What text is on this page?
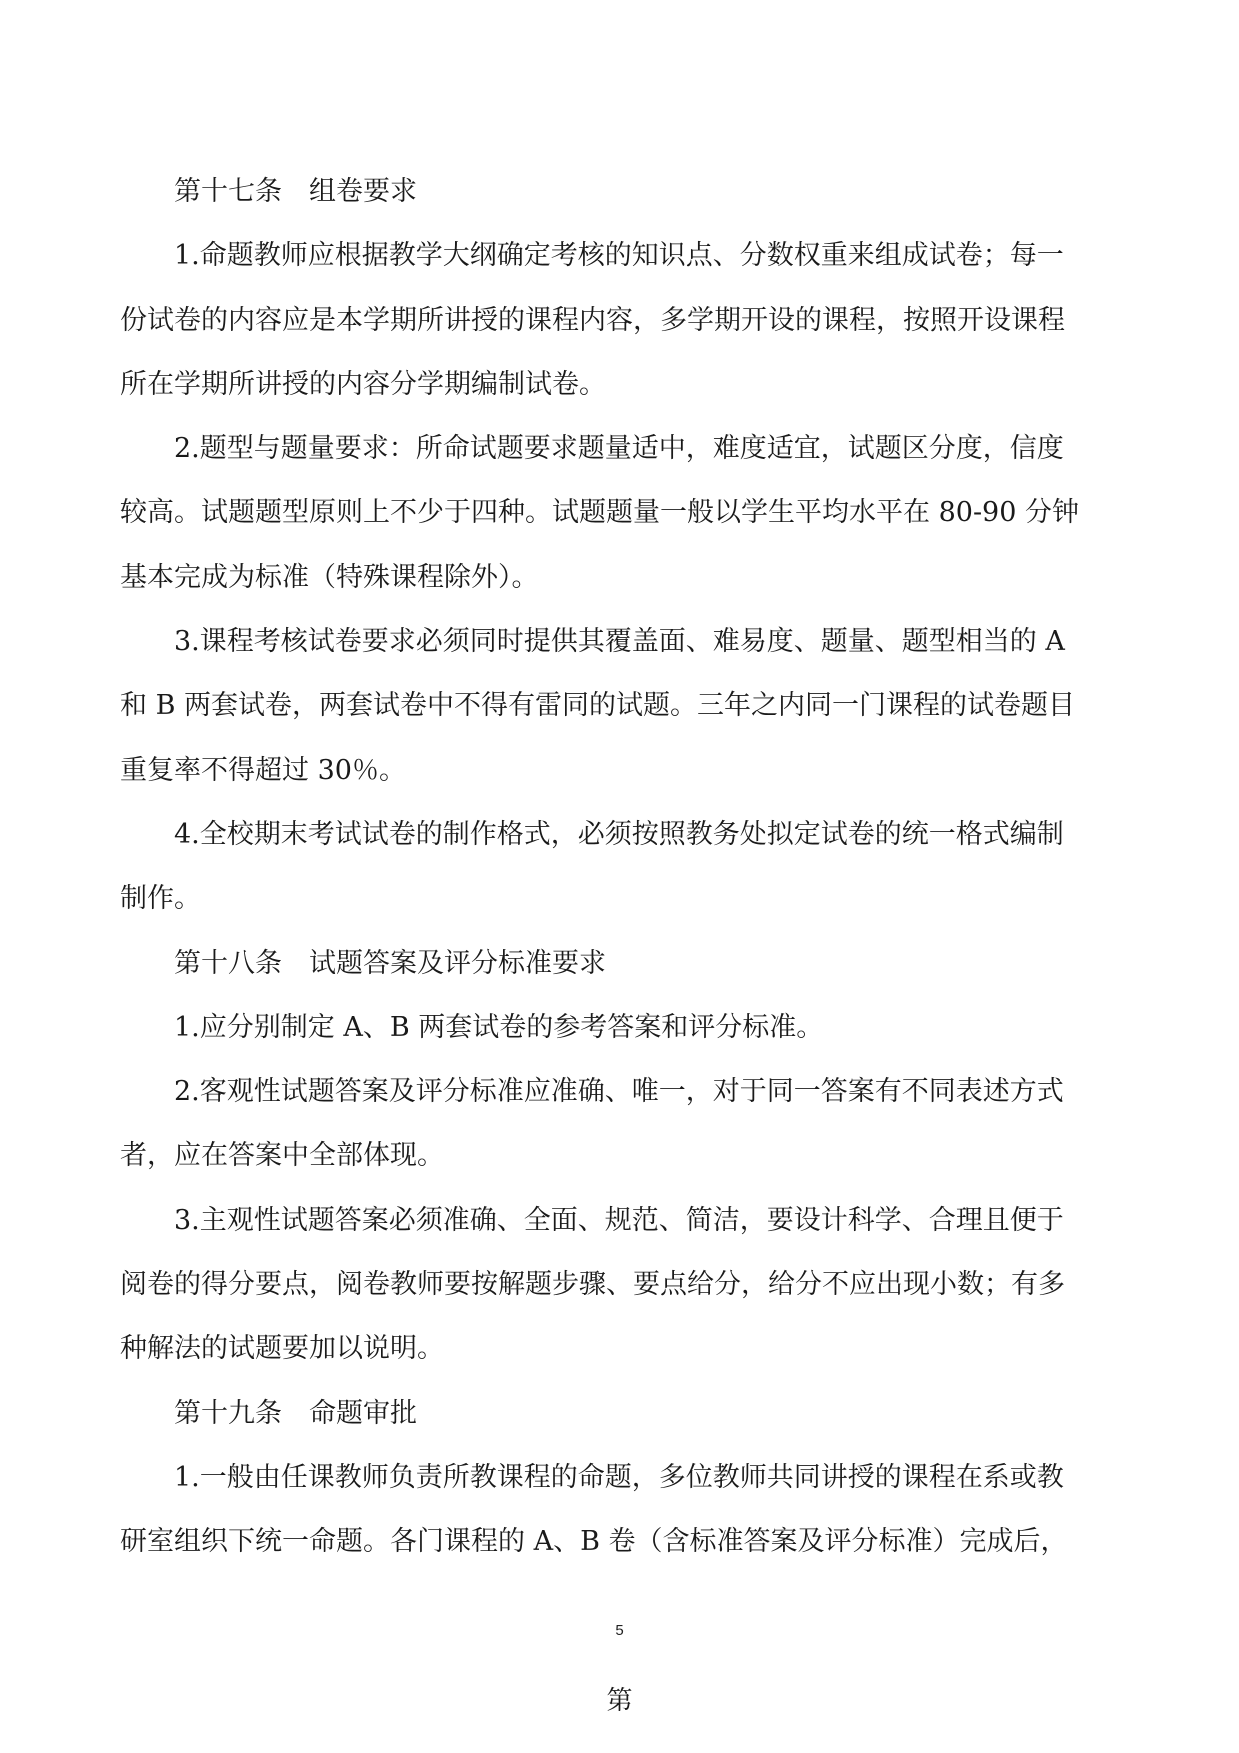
第十七条　组卷要求
1.命题教师应根据教学大纲确定考核的知识点、分数权重来组成试卷；每一
份试卷的内容应是本学期所讲授的课程内容，多学期开设的课程，按照开设课程
所在学期所讲授的内容分学期编制试卷。
2.题型与题量要求：所命试题要求题量适中，难度适宜，试题区分度，信度
较高。试题题型原则上不少于四种。试题题量一般以学生平均水平在 80-90 分钟
基本完成为标准（特殊课程除外）。
3.课程考核试卷要求必须同时提供其覆盖面、难易度、题量、题型相当的 A
和 B 两套试卷，两套试卷中不得有雷同的试题。三年之内同一门课程的试卷题目
重复率不得超过 30％。
4.全校期末考试试卷的制作格式，必须按照教务处拟定试卷的统一格式编制
制作。
第十八条　试题答案及评分标准要求
1.应分别制定 A、B 两套试卷的参考答案和评分标准。
2.客观性试题答案及评分标准应准确、唯一，对于同一答案有不同表述方式
者，应在答案中全部体现。
3.主观性试题答案必须准确、全面、规范、简洁，要设计科学、合理且便于
阅卷的得分要点，阅卷教师要按解题步骤、要点给分，给分不应出现小数；有多
种解法的试题要加以说明。
第十九条　命题审批
1.一般由任课教师负责所教课程的命题，多位教师共同讲授的课程在系或教
研室组织下统一命题。各门课程的 A、B 卷（含标准答案及评分标准）完成后，
5
第
